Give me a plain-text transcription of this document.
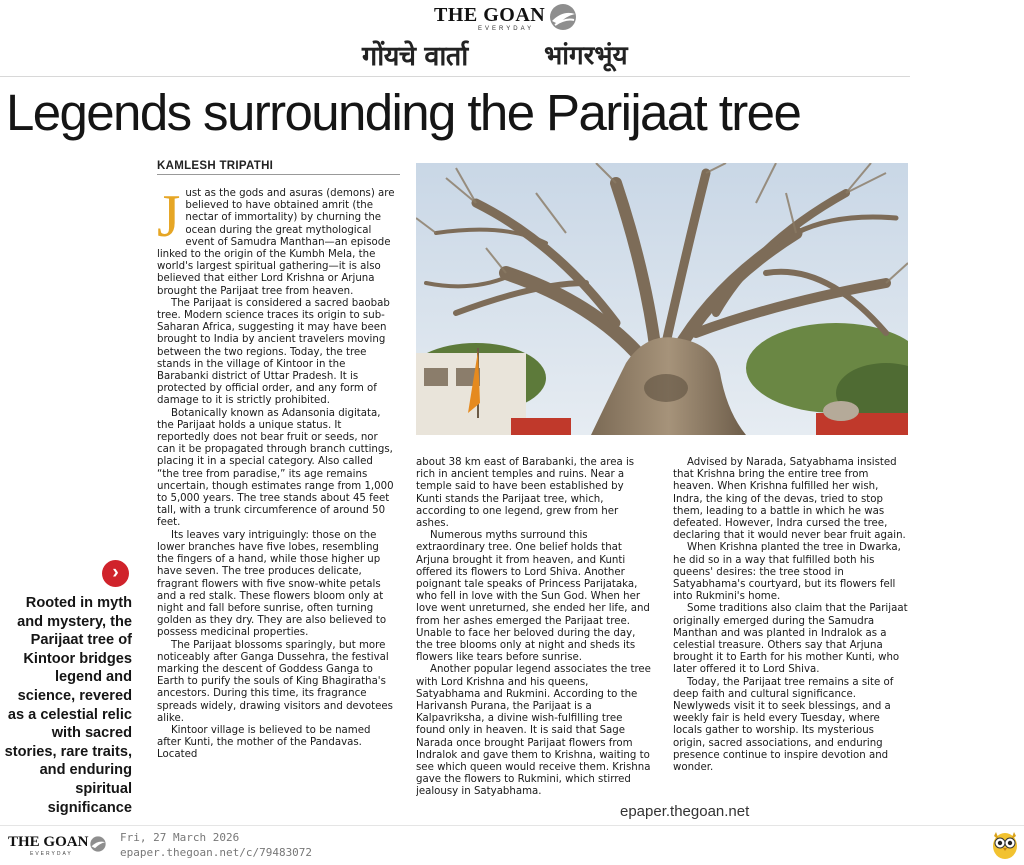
THE GOAN
EVERYDAY
गोंयचे वार्ता	भांगरभूंय
Legends surrounding the Parijaat tree
KAMLESH TRIPATHI

Just as the gods and asuras (demons) are believed to have obtained amrit (the nectar of immortality) by churning the ocean during the great mythological event of Samudra Manthan—an episode linked to the origin of the Kumbh Mela, the world's largest spiritual gathering—it is also believed that either Lord Krishna or Arjuna brought the Parijaat tree from heaven.

The Parijaat is considered a sacred baobab tree. Modern science traces its origin to sub-Saharan Africa, suggesting it may have been brought to India by ancient travelers moving between the two regions. Today, the tree stands in the village of Kintoor in the Barabanki district of Uttar Pradesh. It is protected by official order, and any form of damage to it is strictly prohibited.

Botanically known as Adansonia digitata, the Parijaat holds a unique status. It reportedly does not bear fruit or seeds, nor can it be propagated through branch cuttings, placing it in a special category. Also called “the tree from paradise,” its age remains uncertain, though estimates range from 1,000 to 5,000 years. The tree stands about 45 feet tall, with a trunk circumference of around 50 feet.

Its leaves vary intriguingly: those on the lower branches have five lobes, resembling the fingers of a hand, while those higher up have seven. The tree produces delicate, fragrant flowers with five snow-white petals and a red stalk. These flowers bloom only at night and fall before sunrise, often turning golden as they dry. They are also believed to possess medicinal properties.

The Parijaat blossoms sparingly, but more noticeably after Ganga Dussehra, the festival marking the descent of Goddess Ganga to Earth to purify the souls of King Bhagiratha's ancestors. During this time, its fragrance spreads widely, drawing visitors and devotees alike.

Kintoor village is believed to be named after Kunti, the mother of the Pandavas. Located

about 38 km east of Barabanki, the area is rich in ancient temples and ruins. Near a temple said to have been established by Kunti stands the Parijaat tree, which, according to one legend, grew from her ashes.

Numerous myths surround this extraordinary tree. One belief holds that Arjuna brought it from heaven, and Kunti offered its flowers to Lord Shiva. Another poignant tale speaks of Princess Parijataka, who fell in love with the Sun God. When her love went unreturned, she ended her life, and from her ashes emerged the Parijaat tree. Unable to face her beloved during the day, the tree blooms only at night and sheds its flowers like tears before sunrise.

Another popular legend associates the tree with Lord Krishna and his queens, Satyabhama and Rukmini. According to the Harivansh Purana, the Parijaat is a Kalpavriksha, a divine wish-fulfilling tree found only in heaven. It is said that Sage Narada once brought Parijaat flowers from Indralok and gave them to Krishna, waiting to see which queen would receive them. Krishna gave the flowers to Rukmini, which stirred jealousy in Satyabhama.

Advised by Narada, Satyabhama insisted that Krishna bring the entire tree from heaven. When Krishna fulfilled her wish, Indra, the king of the devas, tried to stop them, leading to a battle in which he was defeated. However, Indra cursed the tree, declaring that it would never bear fruit again.

When Krishna planted the tree in Dwarka, he did so in a way that fulfilled both his queens' desires: the tree stood in Satyabhama's courtyard, but its flowers fell into Rukmini's home.

Some traditions also claim that the Parijaat originally emerged during the Samudra Manthan and was planted in Indralok as a celestial treasure. Others say that Arjuna brought it to Earth for his mother Kunti, who later offered it to Lord Shiva.

Today, the Parijaat tree remains a site of deep faith and cultural significance. Newlyweds visit it to seek blessings, and a weekly fair is held every Tuesday, where locals gather to worship. Its mysterious origin, sacred associations, and enduring presence continue to inspire devotion and wonder.

›
Rooted in myth and mystery, the Parijaat tree of Kintoor bridges legend and science, revered as a celestial relic with sacred stories, rare traits, and enduring spiritual significance	epaper.thegoan.net
THE GOAN
EVERYDAY
Fri, 27 March 2026
epaper.thegoan.net/c/79483072
